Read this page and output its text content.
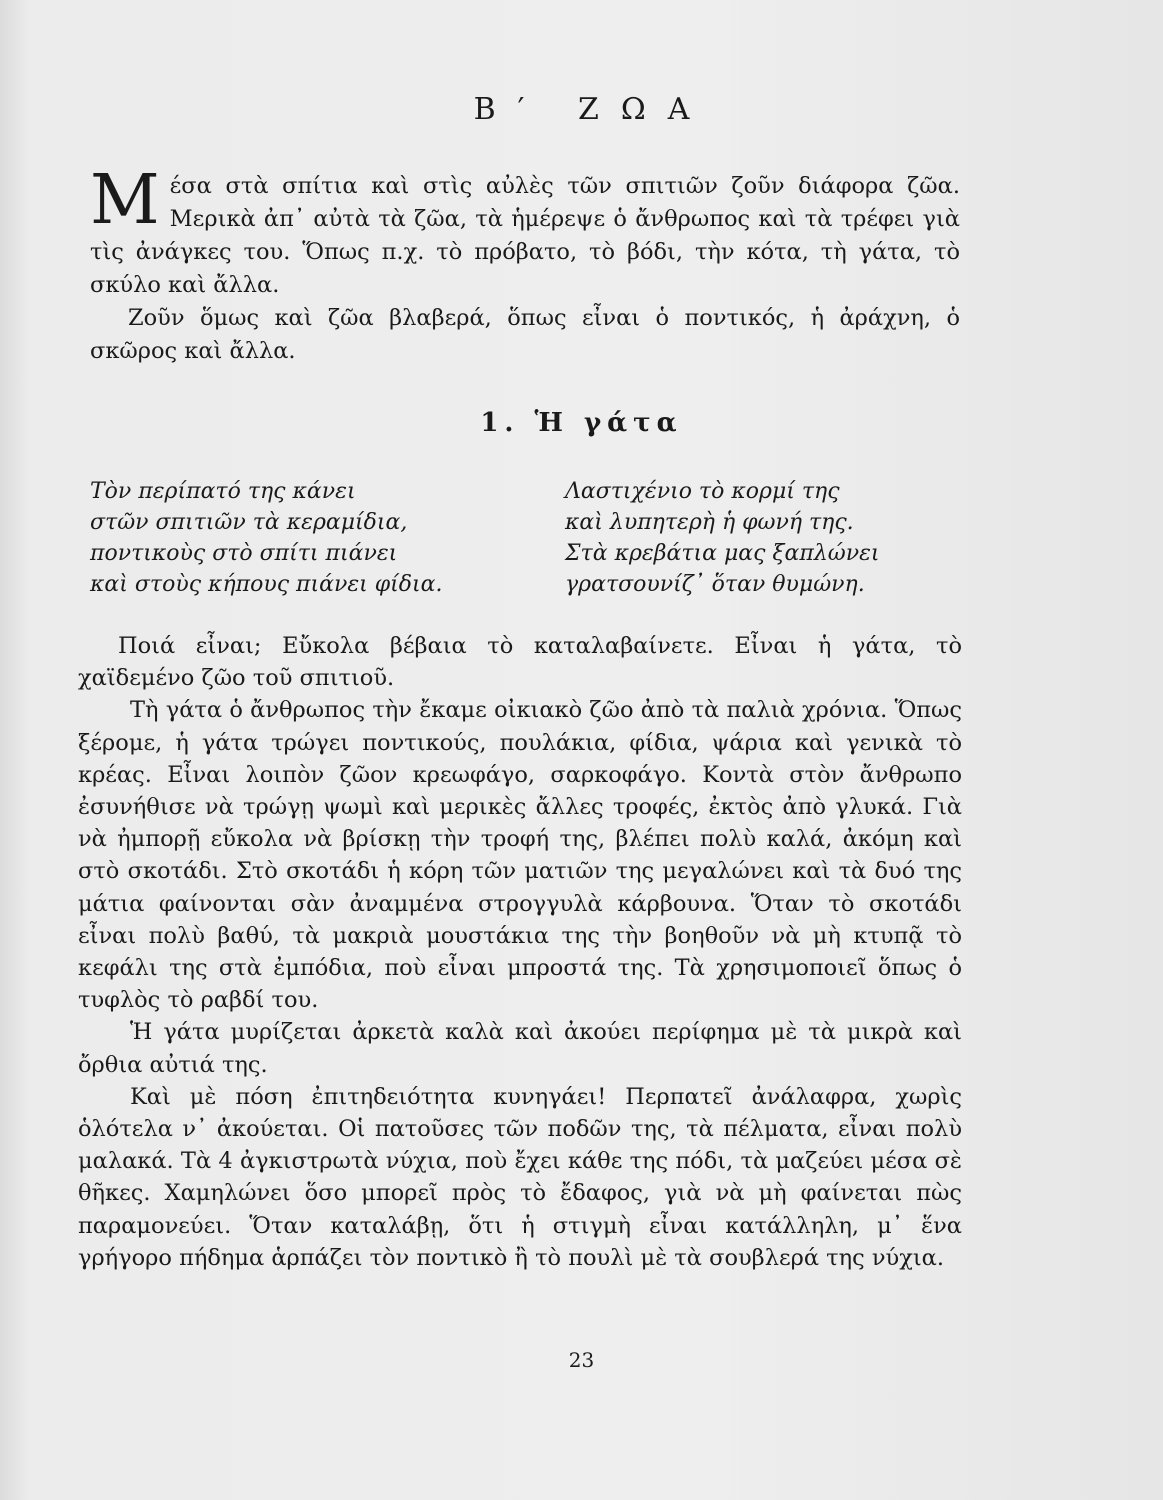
Β′ ΖΩΑ
Μ έσα στὰ σπίτια καὶ στὶς αὐλὲς τῶν σπιτιῶν ζοῦν διάφορα ζῶα. Μερικὰ ἀπ᾿ αὐτὰ τὰ ζῶα, τὰ ἡμέρεψε ὁ ἄνθρωπος καὶ τὰ τρέφει γιὰ τὶς ἀνάγκες του. Ὅπως π.χ. τὸ πρόβατο, τὸ βόδι, τὴν κότα, τὴ γάτα, τὸ σκύλο καὶ ἄλλα.

Ζοῦν ὅμως καὶ ζῶα βλαβερά, ὅπως εἶναι ὁ ποντικός, ἡ ἀράχνη, ὁ σκῶρος καὶ ἄλλα.

1. Ἡ γάτα
Τὸν περίπατό της κάνει
στῶν σπιτιῶν τὰ κεραμίδια,
ποντικοὺς στὸ σπίτι πιάνει
καὶ στοὺς κήπους πιάνει φίδια.
Λαστιχένιο τὸ κορμί της
καὶ λυπητερὴ ἡ φωνή της.
Στὰ κρεβάτια μας ξαπλώνει
γρατσουνίζ᾿ ὅταν θυμώνη.

Ποιά εἶναι; Εὔκολα βέβαια τὸ καταλαβαίνετε. Εἶναι ἡ γάτα, τὸ χαϊδεμένο ζῶο τοῦ σπιτιοῦ.

Τὴ γάτα ὁ ἄνθρωπος τὴν ἔκαμε οἰκιακὸ ζῶο ἀπὸ τὰ παλιὰ χρόνια. Ὅπως ξέρομε, ἡ γάτα τρώγει ποντικούς, πουλάκια, φίδια, ψάρια καὶ γενικὰ τὸ κρέας. Εἶναι λοιπὸν ζῶον κρεωφάγο, σαρκοφάγο. Κοντὰ στὸν ἄνθρωπο ἐσυνήθισε νὰ τρώγῃ ψωμὶ καὶ μερικὲς ἄλλες τροφές, ἐκτὸς ἀπὸ γλυκά. Γιὰ νὰ ἠμπορῇ εὔκολα νὰ βρίσκῃ τὴν τροφή της, βλέπει πολὺ καλά, ἀκόμη καὶ στὸ σκοτάδι. Στὸ σκοτάδι ἡ κόρη τῶν ματιῶν της μεγαλώνει καὶ τὰ δυό της μάτια φαίνονται σὰν ἀναμμένα στρογγυλὰ κάρβουνα. Ὅταν τὸ σκοτάδι εἶναι πολὺ βαθύ, τὰ μακριὰ μουστάκια της τὴν βοηθοῦν νὰ μὴ κτυπᾷ τὸ κεφάλι της στὰ ἐμπόδια, ποὺ εἶναι μπροστά της. Τὰ χρησιμοποιεῖ ὅπως ὁ τυφλὸς τὸ ραβδί του.

Ἡ γάτα μυρίζεται ἀρκετὰ καλὰ καὶ ἀκούει περίφημα μὲ τὰ μικρὰ καὶ ὄρθια αὐτιά της.

Καὶ μὲ πόση ἐπιτηδειότητα κυνηγάει! Περπατεῖ ἀνάλαφρα, χωρὶς ὁλότελα ν᾿ ἀκούεται. Οἱ πατοῦσες τῶν ποδῶν της, τὰ πέλματα, εἶναι πολὺ μαλακά. Τὰ 4 ἀγκιστρωτὰ νύχια, ποὺ ἔχει κάθε της πόδι, τὰ μαζεύει μέσα σὲ θῆκες. Χαμηλώνει ὅσο μπορεῖ πρὸς τὸ ἔδαφος, γιὰ νὰ μὴ φαίνεται πὼς παραμονεύει. Ὅταν καταλάβῃ, ὅτι ἡ στιγμὴ εἶναι κατάλληλη, μ᾿ ἕνα γρήγορο πήδημα ἁρπάζει τὸν ποντικὸ ἢ τὸ πουλὶ μὲ τὰ σουβλερά της νύχια.

23
